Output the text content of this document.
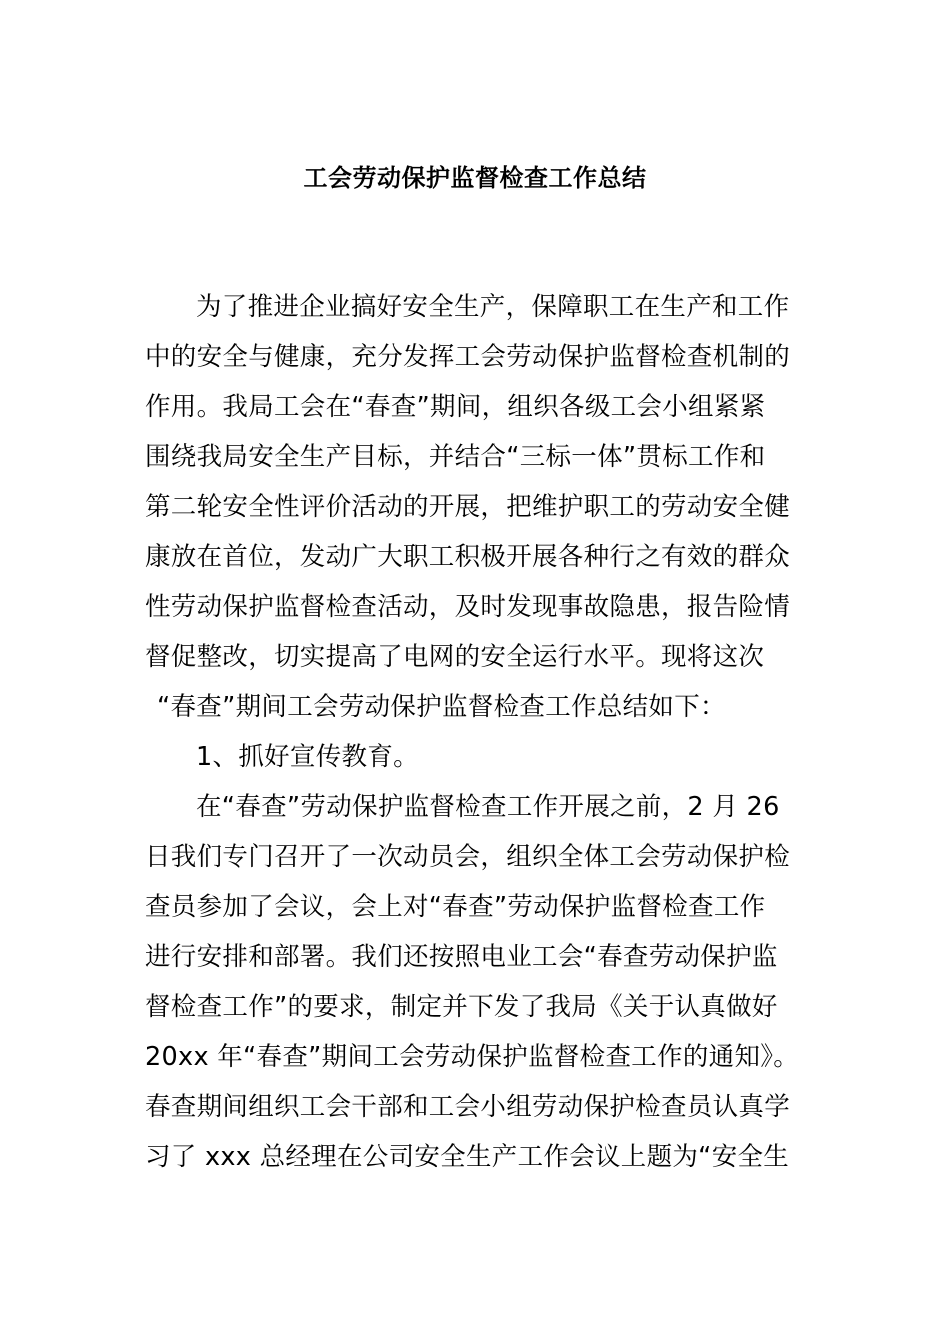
工会劳动保护监督检查工作总结
为了推进企业搞好安全生产，保障职工在生产和工作
中的安全与健康，充分发挥工会劳动保护监督检查机制的
作用。我局工会在“春查”期间，组织各级工会小组紧紧
围绕我局安全生产目标，并结合“三标一体”贯标工作和
第二轮安全性评价活动的开展，把维护职工的劳动安全健
康放在首位，发动广大职工积极开展各种行之有效的群众
性劳动保护监督检查活动，及时发现事故隐患，报告险情
督促整改，切实提高了电网的安全运行水平。现将这次
“春查”期间工会劳动保护监督检查工作总结如下：
1、抓好宣传教育。
在“春查”劳动保护监督检查工作开展之前，2 月 26
日我们专门召开了一次动员会，组织全体工会劳动保护检
查员参加了会议，会上对“春查”劳动保护监督检查工作
进行安排和部署。我们还按照电业工会“春查劳动保护监
督检查工作”的要求，制定并下发了我局《关于认真做好
20xx 年“春查”期间工会劳动保护监督检查工作的通知》。
春查期间组织工会干部和工会小组劳动保护检查员认真学
习了 xxx 总经理在公司安全生产工作会议上题为“安全生
